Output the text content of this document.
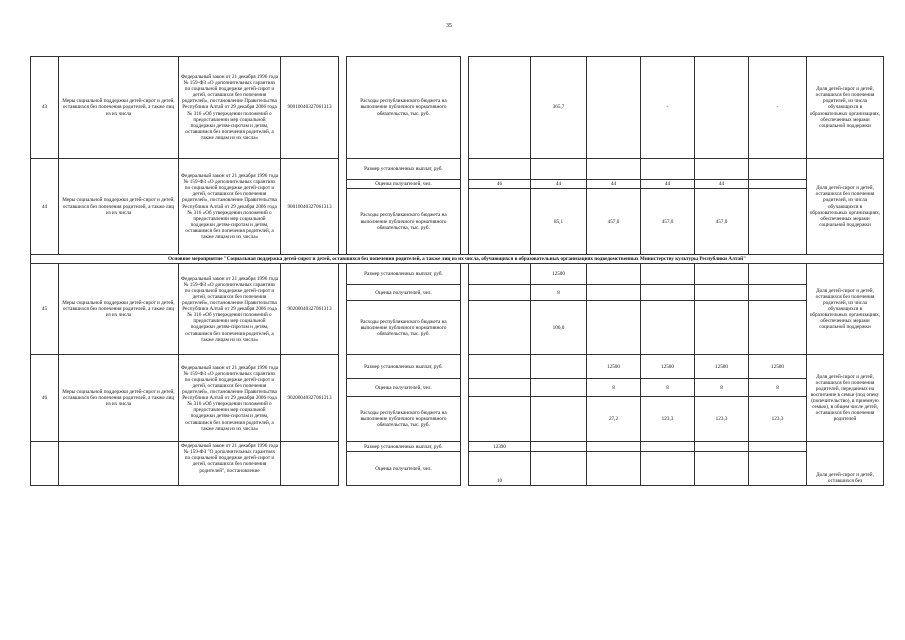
35
43	Меры социальной поддержки детей-сирот и детей, оставшихся без попечения родителей, а также лиц из их числа	Федеральный закон от 21 декабря 1996 года № 159-ФЗ «О дополнительных гарантиях по социальной поддержке детей-сирот и детей, оставшихся без попечения родителей», постановление Правительства Республики Алтай от 29 декабря 2006 года № 316 «Об утверждении положений о предоставлении мер социальной поддержки детям-сиротам и детям, оставшимся без попечения родителей, а также лицам из их числа»	90010040327061313		Расходы республиканского бюджета на выполнение публичного нормативного обязательства, тыс. руб.			365,7		-		-	Доля детей-сирот и детей, оставшихся без попечения родителей, из числа обучающихся в образовательных организациях, обеспеченных мерами социальной поддержки
44	Меры социальной поддержки детей-сирот и детей, оставшихся без попечения родителей, а также лиц из их числа	Федеральный закон от 21 декабря 1996 года № 159-ФЗ «О дополнительных гарантиях по социальной поддержке детей-сирот и детей, оставшихся без попечения родителей», постановление Правительства Республики Алтай от 29 декабря 2006 года № 316 «Об утверждении положений о предоставлении мер социальной поддержки детям-сиротам и детям, оставшимся без попечения родителей, а также лицам из их числа»	90010040327061313		Размер установленных выплат, руб.								Доля детей-сирот и детей, оставшихся без попечения родителей, из числа обучающихся в образовательных организациях, обеспеченных мерами социальной поддержки
					Оценка получателей, чел.		46	44	44	44	44		
					Расходы республиканского бюджета на выполнение публичного нормативного обязательства, тыс. руб.			85,1	457,0	457,0	457,0		
Основное мероприятие "Социальная поддержка детей-сирот и детей, оставшихся без попечения родителей, а также лиц из их числа, обучающихся в образовательных организациях подведомственных Министерству культуры Республики Алтай"													
45	Меры социальной поддержки детей-сирот и детей, оставшихся без попечения родителей, а также лиц из их числа	Федеральный закон от 21 декабря 1996 года № 159-ФЗ «О дополнительных гарантиях по социальной поддержке детей-сирот и детей, оставшихся без попечения родителей», постановление Правительства Республики Алтай от 29 декабря 2006 года № 316 «Об утверждении положений о предоставлении мер социальной поддержки детям-сиротам и детям, оставшимся без попечения родителей, а также лицам из их числа»	90200040327061313		Размер установленных выплат, руб.			12500					Доля детей-сирот и детей, оставшихся без попечения родителей, из числа обучающихся в образовательных организациях, обеспеченных мерами социальной поддержки
					Оценка получателей, чел.			8					
					Расходы республиканского бюджета на выполнение публичного нормативного обязательства, тыс. руб.			100,0					
46	Меры социальной поддержки детей-сирот и детей, оставшихся без попечения родителей, а также лиц из их числа	Федеральный закон от 21 декабря 1996 года № 159-ФЗ «О дополнительных гарантиях по социальной поддержке детей-сирот и детей, оставшихся без попечения родителей», постановление Правительства Республики Алтай от 29 декабря 2006 года № 316 «Об утверждении положений о предоставлении мер социальной поддержки детям-сиротам и детям, оставшимся без попечения родителей, а также лицам из их числа»	90200040327061313		Размер установленных выплат, руб.				12500	12500	12500	12500	Доля детей-сирот и детей, оставшихся без попечения родителей, переданных на воспитание в семьи (под опеку (попечительство), в приемную семью), в общем числе детей, оставшихся без попечения родителей
					Оценка получателей, чел.				8	8	8	8	
					Расходы республиканского бюджета на выполнение публичного нормативного обязательства, тыс. руб.				27,2	123,3	123,3	123,3	
		Федеральный закон от 21 декабря 1996 года № 159-ФЗ "О дополнительных гарантиях по социальной поддержке детей-сирот и детей, оставшихся без попечения родителей", постановление			Размер установленных выплат, руб.		12390						Доля детей-сирот и детей, оставшихся без
					Оценка получателей, чел.		10						
